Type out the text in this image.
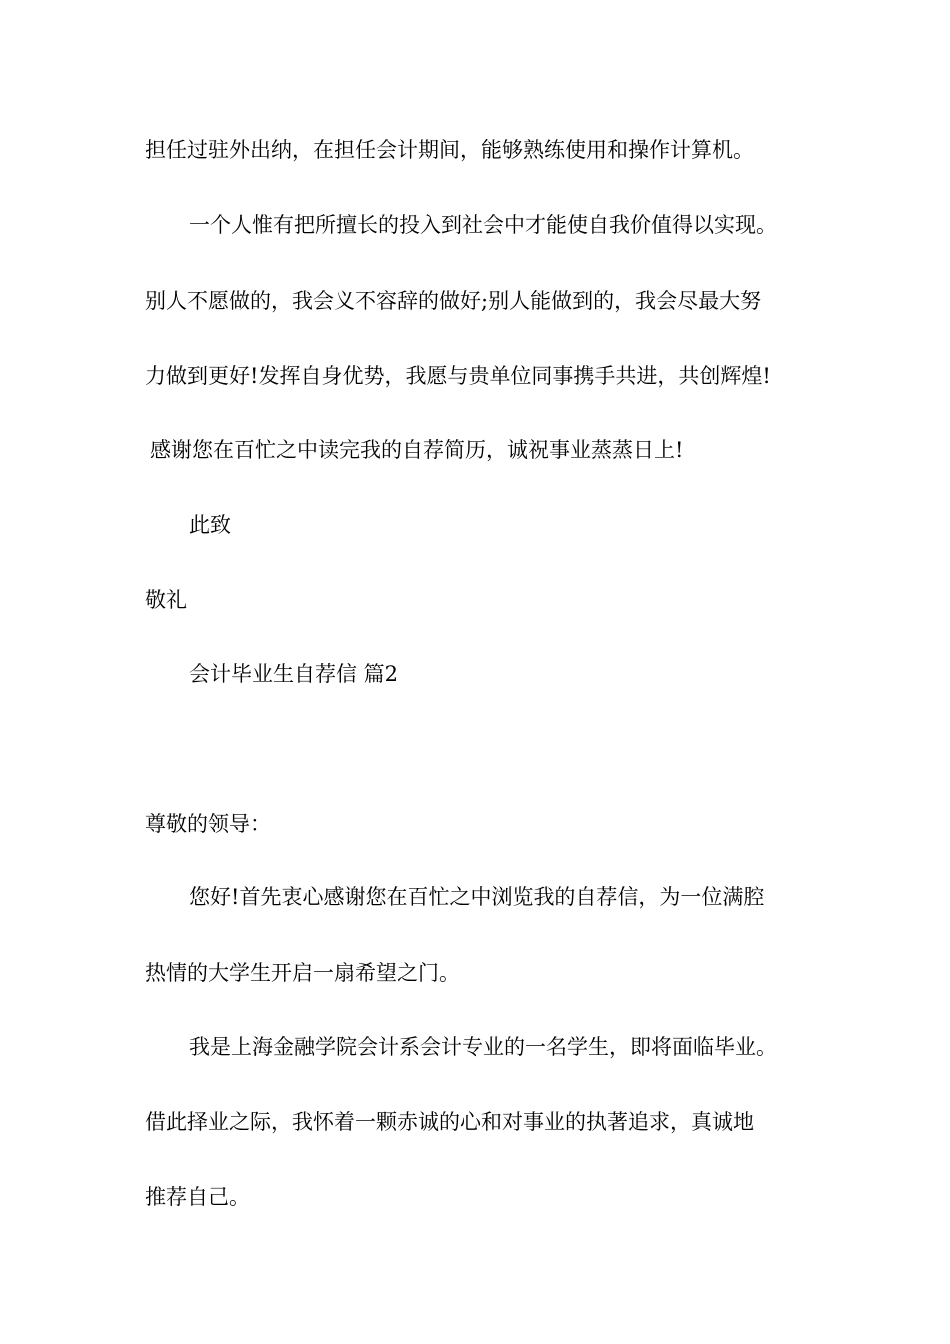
担任过驻外出纳，在担任会计期间，能够熟练使用和操作计算机。

一个人惟有把所擅长的投入到社会中才能使自我价值得以实现。

别人不愿做的，我会义不容辞的做好;别人能做到的，我会尽最大努

力做到更好!发挥自身优势，我愿与贵单位同事携手共进，共创辉煌!

感谢您在百忙之中读完我的自荐简历，诚祝事业蒸蒸日上!

此致

敬礼

会计毕业生自荐信 篇2

尊敬的领导：

您好!首先衷心感谢您在百忙之中浏览我的自荐信，为一位满腔

热情的大学生开启一扇希望之门。

我是上海金融学院会计系会计专业的一名学生，即将面临毕业。

借此择业之际，我怀着一颗赤诚的心和对事业的执著追求，真诚地

推荐自己。
